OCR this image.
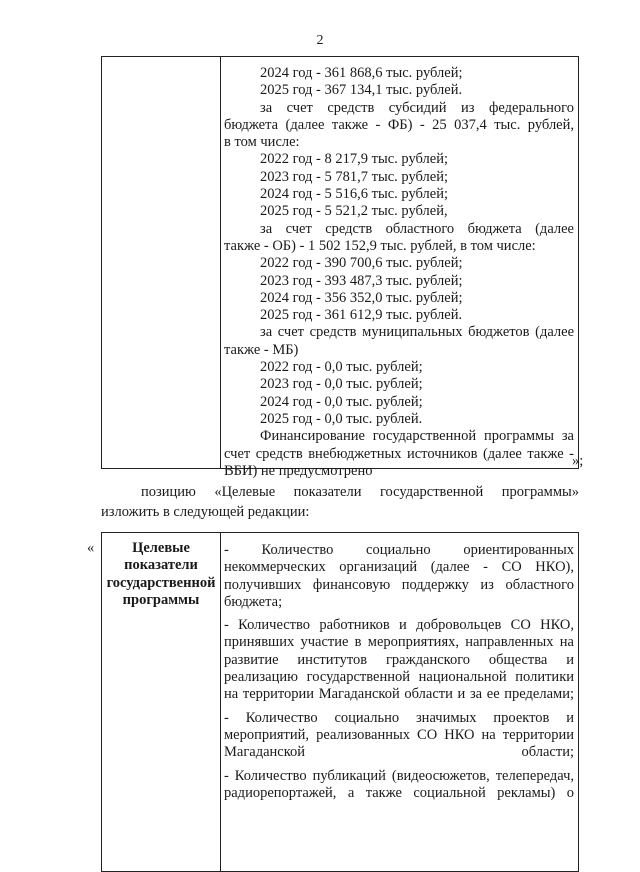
2
2024 год - 361 868,6 тыс. рублей;
2025 год - 367 134,1 тыс. рублей.
за счет средств субсидий из федерального
бюджета (далее также - ФБ) - 25 037,4 тыс. рублей,
в том числе:
2022 год - 8 217,9 тыс. рублей;
2023 год - 5 781,7 тыс. рублей;
2024 год - 5 516,6 тыс. рублей;
2025 год - 5 521,2 тыс. рублей,
за счет средств областного бюджета (далее
также - ОБ) - 1 502 152,9 тыс. рублей, в том числе:
2022 год - 390 700,6 тыс. рублей;
2023 год - 393 487,3 тыс. рублей;
2024 год - 356 352,0 тыс. рублей;
2025 год - 361 612,9 тыс. рублей.
за счет средств муниципальных бюджетов (далее
также - МБ)
2022 год - 0,0 тыс. рублей;
2023 год - 0,0 тыс. рублей;
2024 год - 0,0 тыс. рублей;
2025 год - 0,0 тыс. рублей.
Финансирование государственной программы за
счет средств внебюджетных источников (далее также -
ВБИ) не предусмотрено
»;
позицию «Целевые показатели государственной программы»
изложить в следующей редакции:
«	Целевые показатели государственной программы
- Количество социально ориентированных некоммерческих организаций (далее - СО НКО), получивших финансовую поддержку из областного бюджета;
- Количество работников и добровольцев СО НКО, принявших участие в мероприятиях, направленных на развитие институтов гражданского общества и реализацию государственной национальной политики на территории Магаданской области и за ее пределами;
- Количество социально значимых проектов и мероприятий, реализованных СО НКО на территории Магаданской области;
- Количество публикаций (видеосюжетов, телепередач, радиорепортажей, а также социальной рекламы) о
